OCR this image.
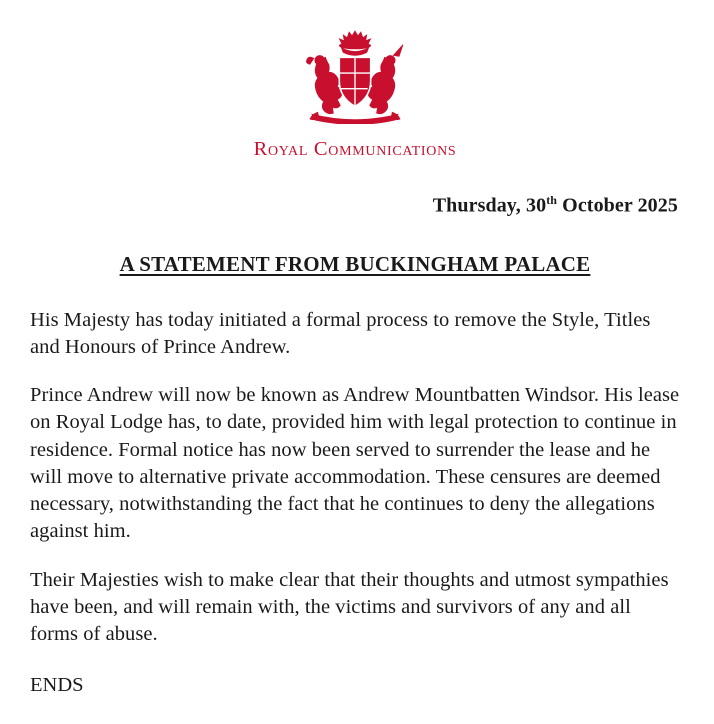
Royal Communications
Thursday, 30th October 2025
A STATEMENT FROM BUCKINGHAM PALACE

His Majesty has today initiated a formal process to remove the Style, Titles and Honours of Prince Andrew.

Prince Andrew will now be known as Andrew Mountbatten Windsor. His lease on Royal Lodge has, to date, provided him with legal protection to continue in residence. Formal notice has now been served to surrender the lease and he will move to alternative private accommodation. These censures are deemed necessary, notwithstanding the fact that he continues to deny the allegations against him.

Their Majesties wish to make clear that their thoughts and utmost sympathies have been, and will remain with, the victims and survivors of any and all forms of abuse.

ENDS
